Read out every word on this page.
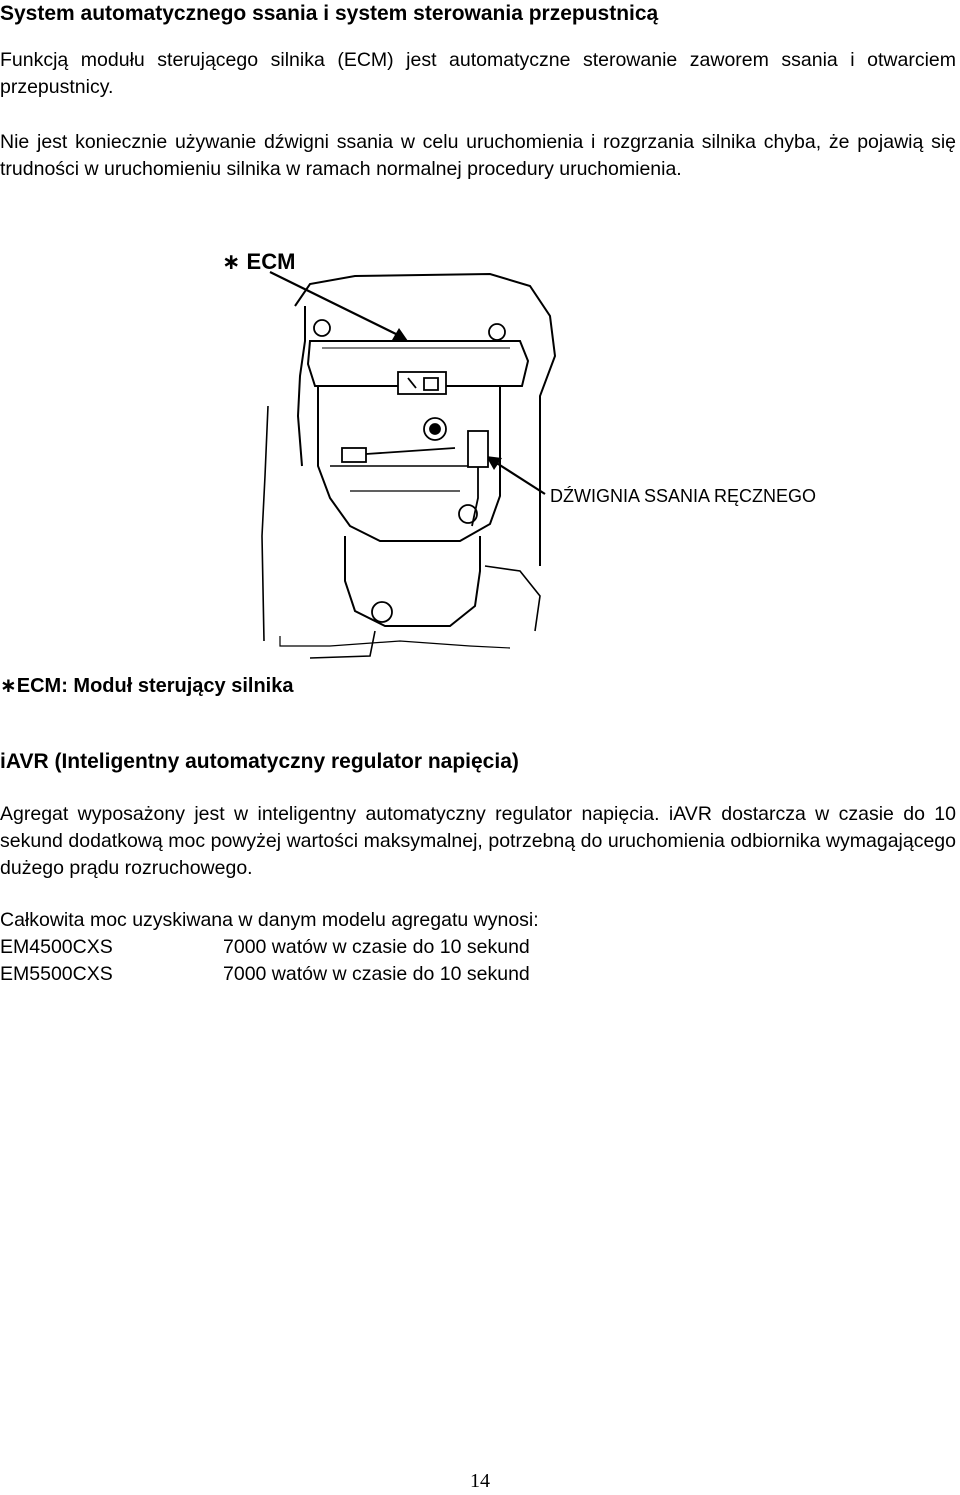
System automatycznego ssania i system sterowania przepustnicą

Funkcją modułu sterującego silnika (ECM) jest automatyczne sterowanie zaworem ssania i otwarciem przepustnicy.

Nie jest koniecznie używanie dźwigni ssania w celu uruchomienia i rozgrzania silnika chyba, że pojawią się trudności w uruchomieniu silnika w ramach normalnej procedury uruchomienia.

∗ ECM
DŹWIGNIA SSANIA RĘCZNEGO

∗ECM: Moduł sterujący silnika

iAVR (Inteligentny automatyczny regulator napięcia)

Agregat wyposażony jest w inteligentny automatyczny regulator napięcia. iAVR dostarcza w czasie do 10 sekund dodatkową moc powyżej wartości maksymalnej, potrzebną do uruchomienia odbiornika wymagającego dużego prądu rozruchowego.

Całkowita moc uzyskiwana w danym modelu agregatu wynosi:

EM4500CXS	7000 watów w czasie do 10 sekund
EM5500CXS	7000 watów w czasie do 10 sekund
14
